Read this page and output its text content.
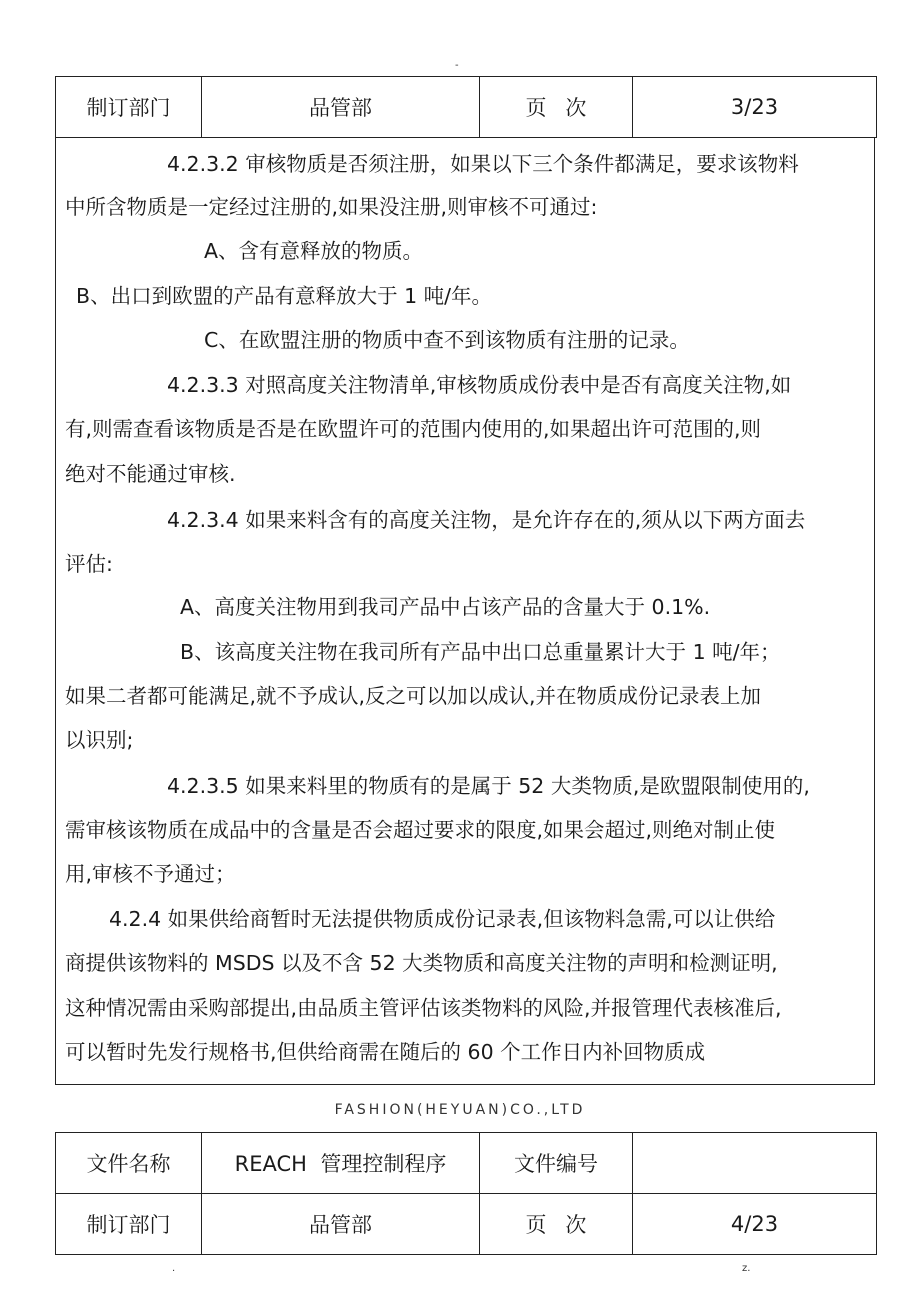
-
制订部门	品管部	页次	3/23
4.2.3.2 审核物质是否须注册，如果以下三个条件都满足，要求该物料
中所含物质是一定经过注册的,如果没注册,则审核不可通过:
A、含有意释放的物质。
B、出口到欧盟的产品有意释放大于 1 吨/年。
C、在欧盟注册的物质中查不到该物质有注册的记录。
4.2.3.3 对照高度关注物清单,审核物质成份表中是否有高度关注物,如
有,则需查看该物质是否是在欧盟许可的范围内使用的,如果超出许可范围的,则
绝对不能通过审核.
4.2.3.4 如果来料含有的高度关注物，是允许存在的,须从以下两方面去
评估:
A、高度关注物用到我司产品中占该产品的含量大于 0.1%.
B、该高度关注物在我司所有产品中出口总重量累计大于 1 吨/年；
如果二者都可能满足,就不予成认,反之可以加以成认,并在物质成份记录表上加
以识别;
4.2.3.5 如果来料里的物质有的是属于 52 大类物质,是欧盟限制使用的,
需审核该物质在成品中的含量是否会超过要求的限度,如果会超过,则绝对制止使
用,审核不予通过；
4.2.4 如果供给商暂时无法提供物质成份记录表,但该物料急需,可以让供给
商提供该物料的 MSDS 以及不含 52 大类物质和高度关注物的声明和检测证明,
这种情况需由采购部提出,由品质主管评估该类物料的风险,并报管理代表核准后,
可以暂时先发行规格书,但供给商需在随后的 60 个工作日内补回物质成
FASHION(HEYUAN)CO.,LTD
文件名称	REACH  管理控制程序	文件编号	
制订部门	品管部	页次	4/23
.	z.
